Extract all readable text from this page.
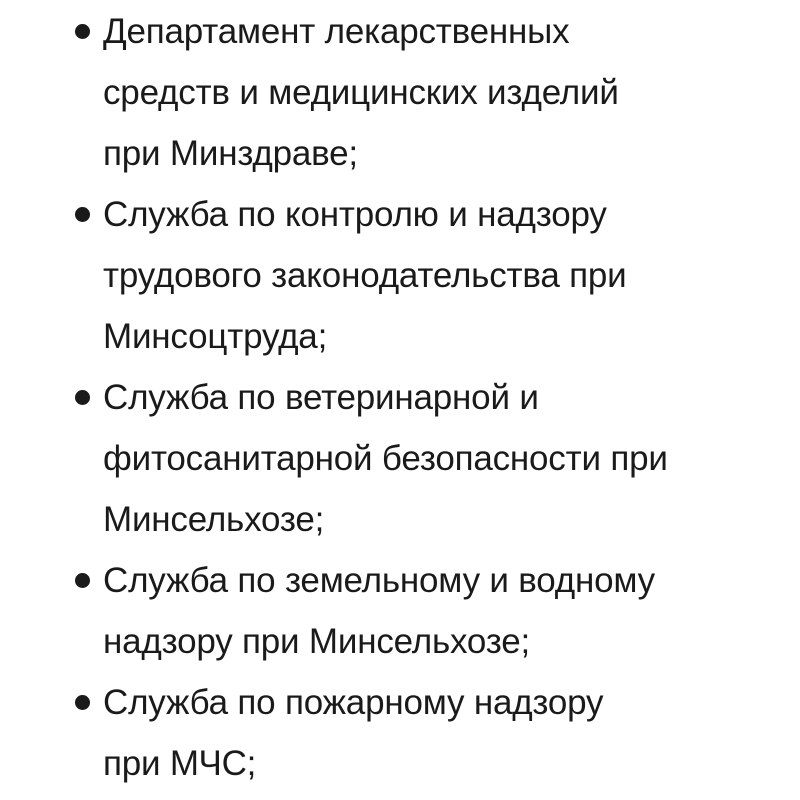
Департамент лекарственных
средств и медицинских изделий
при Минздраве;
Служба по контролю и надзору
трудового законодательства при
Минсоцтруда;
Служба по ветеринарной и
фитосанитарной безопасности при
Минсельхозе;
Служба по земельному и водному
надзору при Минсельхозе;
Служба по пожарному надзору
при МЧС;
